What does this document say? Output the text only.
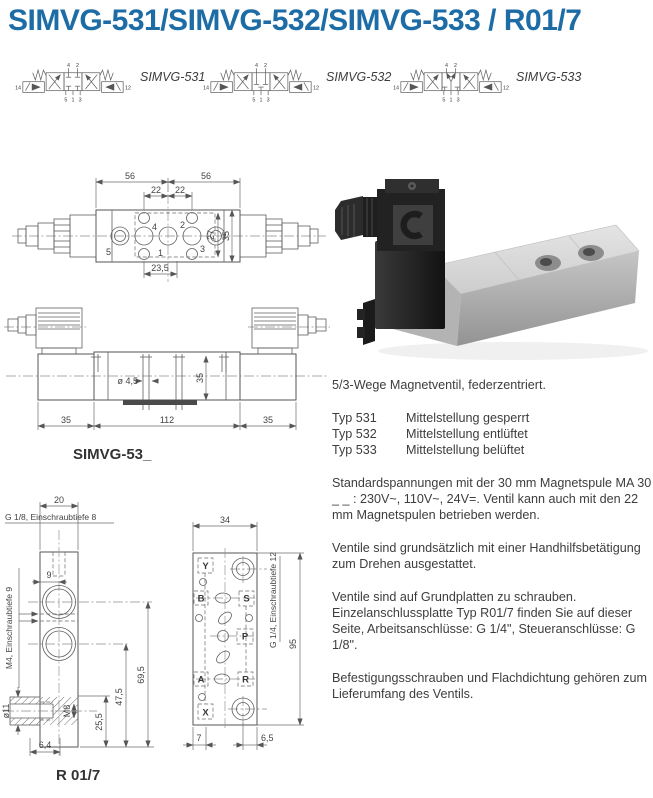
SIMVG-531/SIMVG-532/SIMVG-533 / R01/7
4 2
5 1 3
14	12
SIMVG-531
4 2
5 1 3
14	12
SIMVG-532
4 2
5 1 3
14	12
SIMVG-533
56	56
22 22
23,5
27 35
4	2
5	1	3
ø 4,5	35
35	112	35
SIMVG-53_

5/3-Wege Magnetventil, federzentriert.

Typ 531	Mittelstellung gesperrt
Typ 532	Mittelstellung entlüftet
Typ 533	Mittelstellung belüftet

Standardspannungen mit der 30 mm Magnetspule MA 30 _ _ : 230V~, 110V~, 24V=. Ventil kann auch mit den 22 mm Magnetspulen betrieben werden.

Ventile sind grundsätzlich mit einer Handhilfsbetätigung zum Drehen ausgestattet.

Ventile sind auf Grundplatten zu schrauben. Einzelanschlussplatte Typ R01/7 finden Sie auf dieser Seite, Arbeitsanschlüsse: G 1/4", Steueranschlüsse: G 1/8".

Befestigungsschrauben und Flachdichtung gehören zum Lieferumfang des Ventils.

20
G 1/8, Einschraubtiefe 8
9
M4, Einschraubtiefe 9
ø11	M8
25,5
47,5
69,5
6,4
R 01/7
34
Y
B	S
P
A	R
X
G 1/4, Einschraubtiefe 12 95
7	6,5
